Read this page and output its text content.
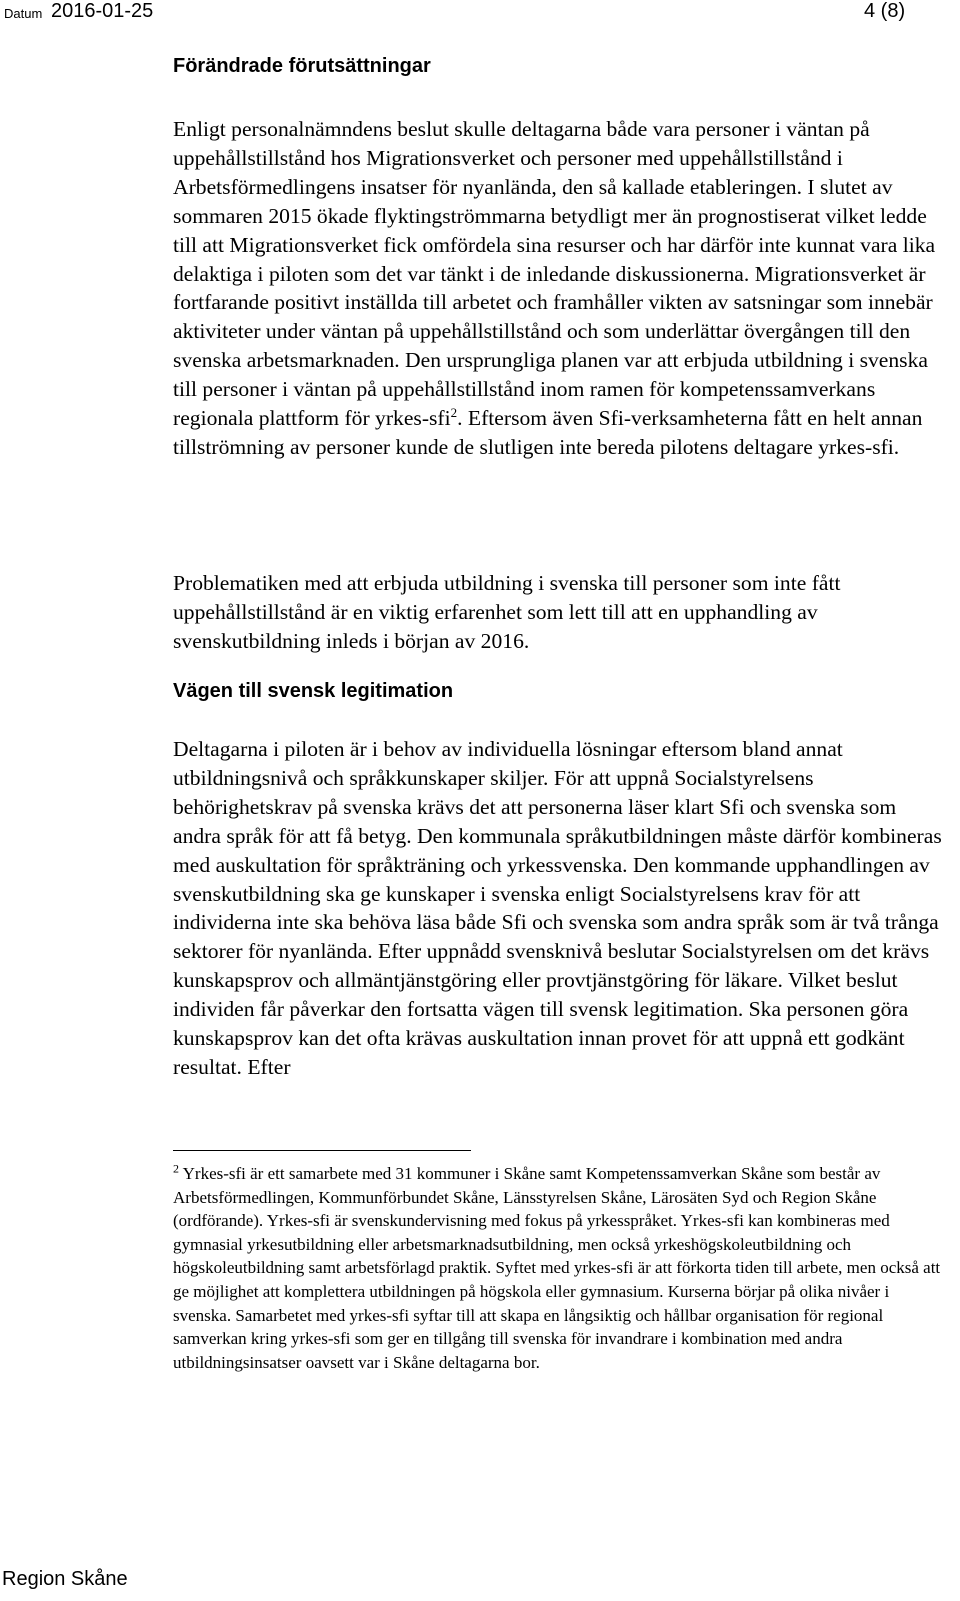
Datum 2016-01-25	4 (8)
Förändrade förutsättningar

Enligt personalnämndens beslut skulle deltagarna både vara personer i väntan på uppehållstillstånd hos Migrationsverket och personer med uppehållstillstånd i Arbetsförmedlingens insatser för nyanlända, den så kallade etableringen. I slutet av sommaren 2015 ökade flyktingströmmarna betydligt mer än prognostiserat vilket ledde till att Migrationsverket fick omfördela sina resurser och har därför inte kunnat vara lika delaktiga i piloten som det var tänkt i de inledande diskussionerna. Migrationsverket är fortfarande positivt inställda till arbetet och framhåller vikten av satsningar som innebär aktiviteter under väntan på uppehållstillstånd och som underlättar övergången till den svenska arbetsmarknaden. Den ursprungliga planen var att erbjuda utbildning i svenska till personer i väntan på uppehållstillstånd inom ramen för kompetenssamverkans regionala plattform för yrkes-sfi$^2$. Eftersom även Sfi-verksamheterna fått en helt annan tillströmning av personer kunde de slutligen inte bereda pilotens deltagare yrkes-sfi.

Problematiken med att erbjuda utbildning i svenska till personer som inte fått uppehållstillstånd är en viktig erfarenhet som lett till att en upphandling av svenskutbildning inleds i början av 2016.

Vägen till svensk legitimation

Deltagarna i piloten är i behov av individuella lösningar eftersom bland annat utbildningsnivå och språkkunskaper skiljer. För att uppnå Socialstyrelsens behörighetskrav på svenska krävs det att personerna läser klart Sfi och svenska som andra språk för att få betyg. Den kommunala språkutbildningen måste därför kombineras med auskultation för språkträning och yrkessvenska. Den kommande upphandlingen av svenskutbildning ska ge kunskaper i svenska enligt Socialstyrelsens krav för att individerna inte ska behöva läsa både Sfi och svenska som andra språk som är två trånga sektorer för nyanlända. Efter uppnådd svensknivå beslutar Socialstyrelsen om det krävs kunskapsprov och allmäntjänstgöring eller provtjänstgöring för läkare. Vilket beslut individen får påverkar den fortsatta vägen till svensk legitimation. Ska personen göra kunskapsprov kan det ofta krävas auskultation innan provet för att uppnå ett godkänt resultat. Efter

$^2$ Yrkes-sfi är ett samarbete med 31 kommuner i Skåne samt Kompetenssamverkan Skåne som består av Arbetsförmedlingen, Kommunförbundet Skåne, Länsstyrelsen Skåne, Lärosäten Syd och Region Skåne (ordförande). Yrkes-sfi är svenskundervisning med fokus på yrkesspråket. Yrkes-sfi kan kombineras med gymnasial yrkesutbildning eller arbetsmarknadsutbildning, men också yrkeshögskoleutbildning och högskoleutbildning samt arbetsförlagd praktik. Syftet med yrkes-sfi är att förkorta tiden till arbete, men också att ge möjlighet att komplettera utbildningen på högskola eller gymnasium. Kurserna börjar på olika nivåer i svenska. Samarbetet med yrkes-sfi syftar till att skapa en långsiktig och hållbar organisation för regional samverkan kring yrkes-sfi som ger en tillgång till svenska för invandrare i kombination med andra utbildningsinsatser oavsett var i Skåne deltagarna bor.

Region Skåne
